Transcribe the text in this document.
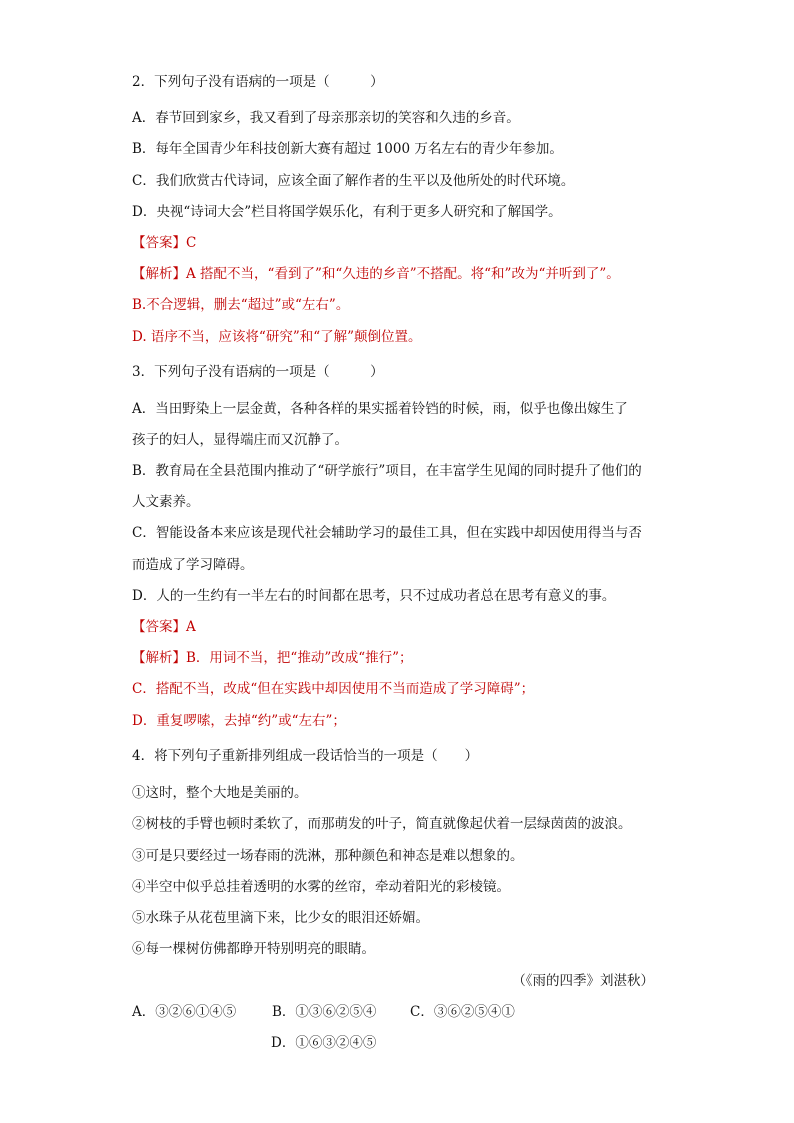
2．下列句子没有语病的一项是（　　　）
A．春节回到家乡，我又看到了母亲那亲切的笑容和久违的乡音。
B．每年全国青少年科技创新大赛有超过 1000 万名左右的青少年参加。
C．我们欣赏古代诗词，应该全面了解作者的生平以及他所处的时代环境。
D．央视“诗词大会”栏目将国学娱乐化，有利于更多人研究和了解国学。
【答案】C
【解析】A 搭配不当，“看到了”和“久违的乡音”不搭配。将“和”改为“并听到了”。
B.不合逻辑，删去“超过”或“左右”。
D. 语序不当，应该将“研究”和“了解”颠倒位置。
3．下列句子没有语病的一项是（　　　）
A．当田野染上一层金黄，各种各样的果实摇着铃铛的时候，雨，似乎也像出嫁生了
孩子的妇人，显得端庄而又沉静了。
B．教育局在全县范围内推动了“研学旅行”项目，在丰富学生见闻的同时提升了他们的
人文素养。
C．智能设备本来应该是现代社会辅助学习的最佳工具，但在实践中却因使用得当与否
而造成了学习障碍。
D．人的一生约有一半左右的时间都在思考，只不过成功者总在思考有意义的事。
【答案】A
【解析】B．用词不当，把“推动”改成“推行”；
C．搭配不当，改成“但在实践中却因使用不当而造成了学习障碍”；
D．重复啰嗦，去掉“约”或“左右”；
4．将下列句子重新排列组成一段话恰当的一项是（　　）
①这时，整个大地是美丽的。
②树枝的手臂也顿时柔软了，而那萌发的叶子，简直就像起伏着一层绿茵茵的波浪。
③可是只要经过一场春雨的洗淋，那种颜色和神态是难以想象的。
④半空中似乎总挂着透明的水雾的丝帘，牵动着阳光的彩棱镜。
⑤水珠子从花苞里滴下来，比少女的眼泪还娇媚。
⑥每一棵树仿佛都睁开特别明亮的眼睛。
（《雨的四季》刘湛秋）
A．③②⑥①④⑤	B．①③⑥②⑤④ C．③⑥②⑤④①
D．①⑥③②④⑤
